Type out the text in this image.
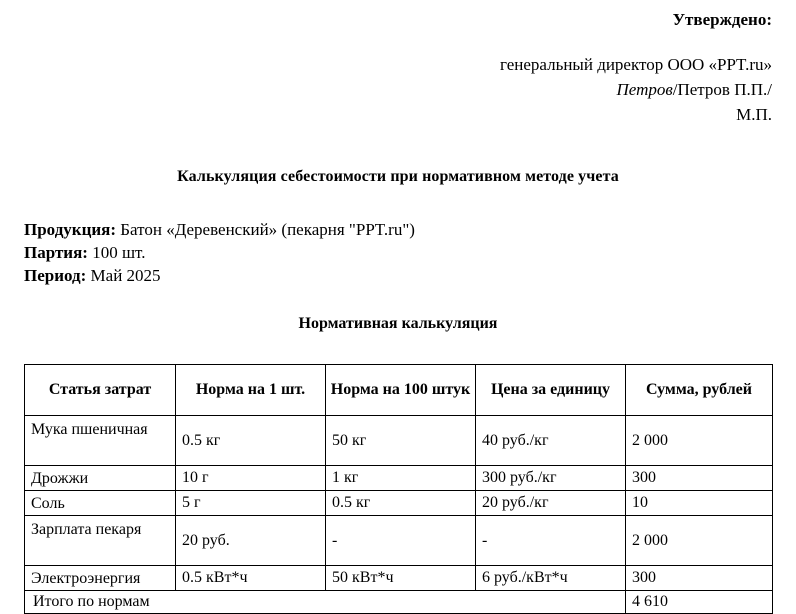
Утверждено:
генеральный директор ООО «PPT.ru»
Петров/Петров П.П./
М.П.
Калькуляция себестоимости при нормативном методе учета
Продукция: Батон «Деревенский» (пекарня "PPT.ru")
Партия: 100 шт.
Период: Май 2025
Нормативная калькуляция
Статья затрат	Норма на 1 шт.	Норма на 100 штук	Цена за единицу	Сумма, рублей
Мука пшеничная	0.5 кг	50 кг	40 руб./кг	2 000
Дрожжи	10 г	1 кг	300 руб./кг	300
Соль	5 г	0.5 кг	20 руб./кг	10
Зарплата пекаря	20 руб.	-	-	2 000
Электроэнергия	0.5 кВт*ч	50 кВт*ч	6 руб./кВт*ч	300
Итого по нормам				4 610
